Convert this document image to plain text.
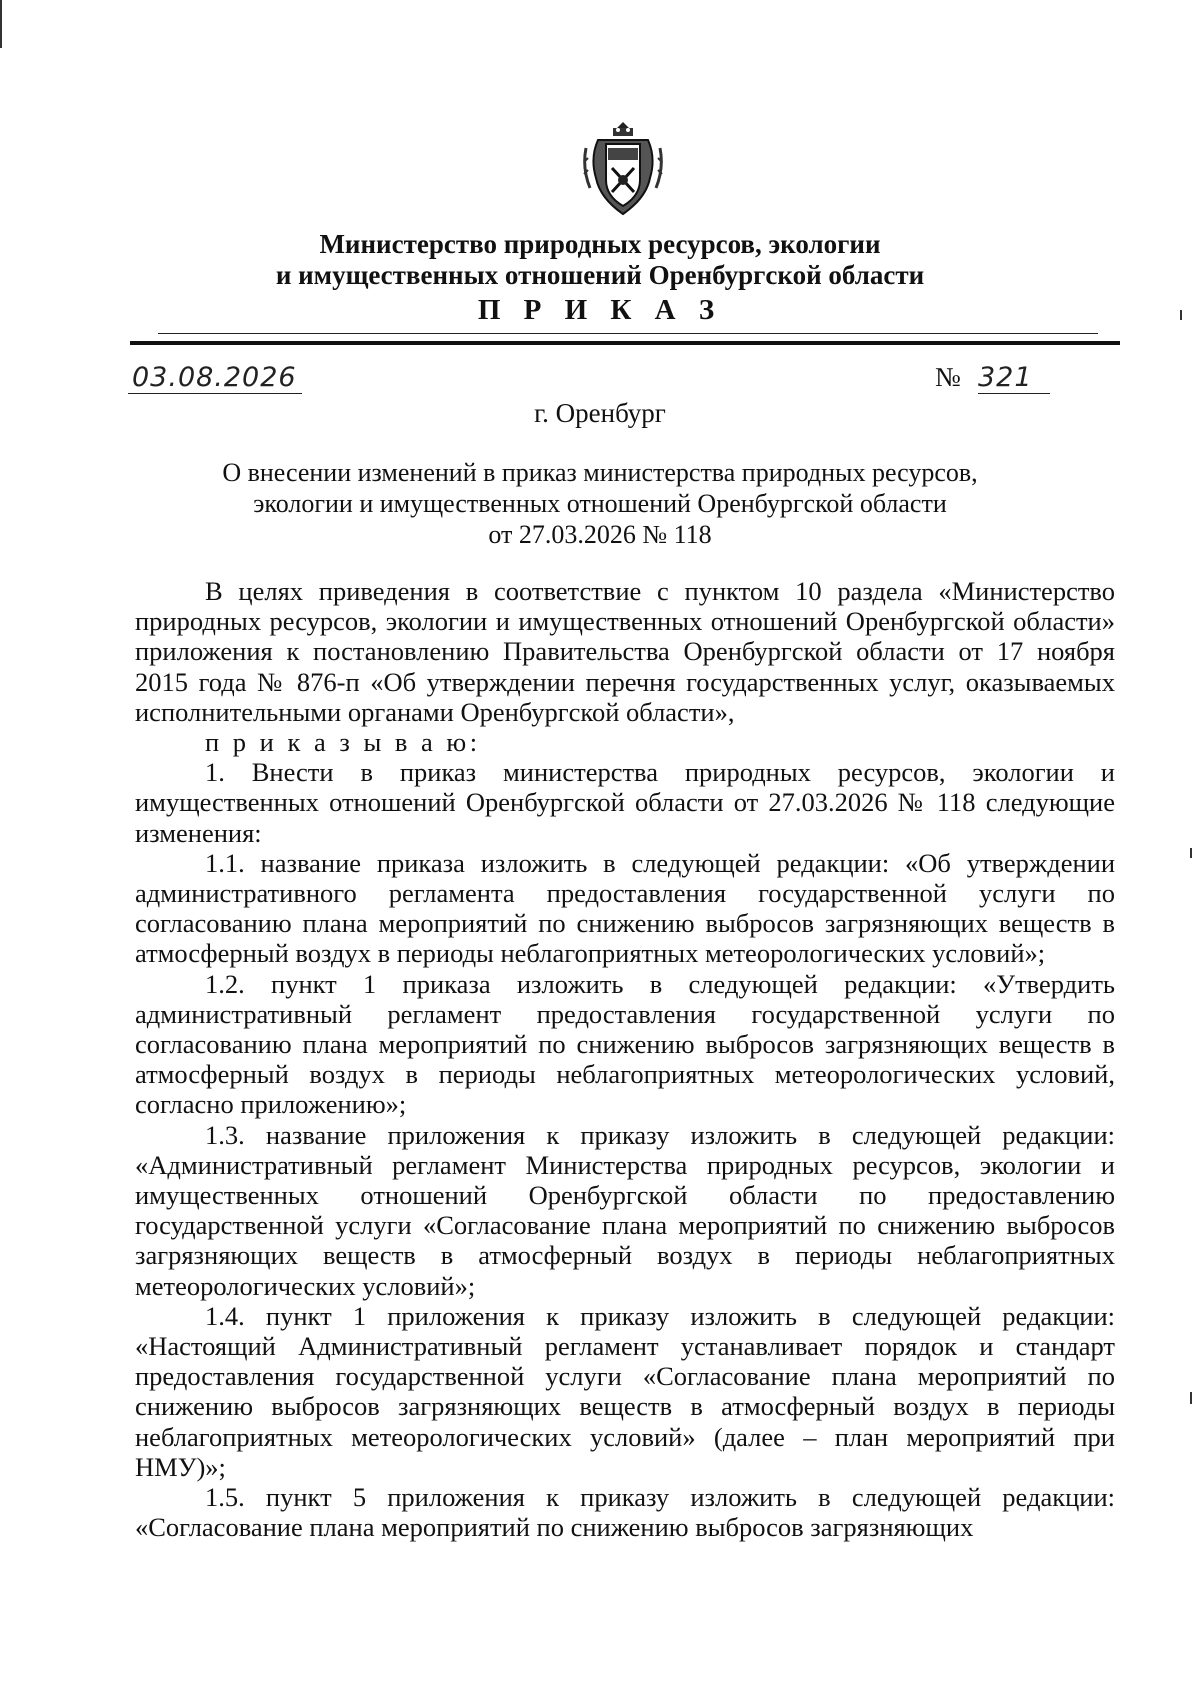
Министерство природных ресурсов, экологии
и имущественных отношений Оренбургской области
П Р И К А З
03.08.2026	№ 321
г. Оренбург
О внесении изменений в приказ министерства природных ресурсов,
экологии и имущественных отношений Оренбургской области
от 27.03.2026 № 118

В целях приведения в соответствие с пунктом 10 раздела «Министерство природных ресурсов, экологии и имущественных отношений Оренбургской области» приложения к постановлению Правительства Оренбургской области от 17 ноября 2015 года № 876-п «Об утверждении перечня государственных услуг, оказываемых исполнительными органами Оренбургской области»,

п р и к а з ы в а ю:

1. Внести в приказ министерства природных ресурсов, экологии и имущественных отношений Оренбургской области от 27.03.2026 № 118 следующие изменения:

1.1. название приказа изложить в следующей редакции: «Об утверждении административного регламента предоставления государственной услуги по согласованию плана мероприятий по снижению выбросов загрязняющих веществ в атмосферный воздух в периоды неблагоприятных метеорологических условий»;

1.2. пункт 1 приказа изложить в следующей редакции: «Утвердить административный регламент предоставления государственной услуги по согласованию плана мероприятий по снижению выбросов загрязняющих веществ в атмосферный воздух в периоды неблагоприятных метеорологических условий, согласно приложению»;

1.3. название приложения к приказу изложить в следующей редакции: «Административный регламент Министерства природных ресурсов, экологии и имущественных отношений Оренбургской области по предоставлению государственной услуги «Согласование плана мероприятий по снижению выбросов загрязняющих веществ в атмосферный воздух в периоды неблагоприятных метеорологических условий»;

1.4. пункт 1 приложения к приказу изложить в следующей редакции: «Настоящий Административный регламент устанавливает порядок и стандарт предоставления государственной услуги «Согласование плана мероприятий по снижению выбросов загрязняющих веществ в атмосферный воздух в периоды неблагоприятных метеорологических условий» (далее – план мероприятий при НМУ)»;

1.5. пункт 5 приложения к приказу изложить в следующей редакции: «Согласование плана мероприятий по снижению выбросов загрязняющих
